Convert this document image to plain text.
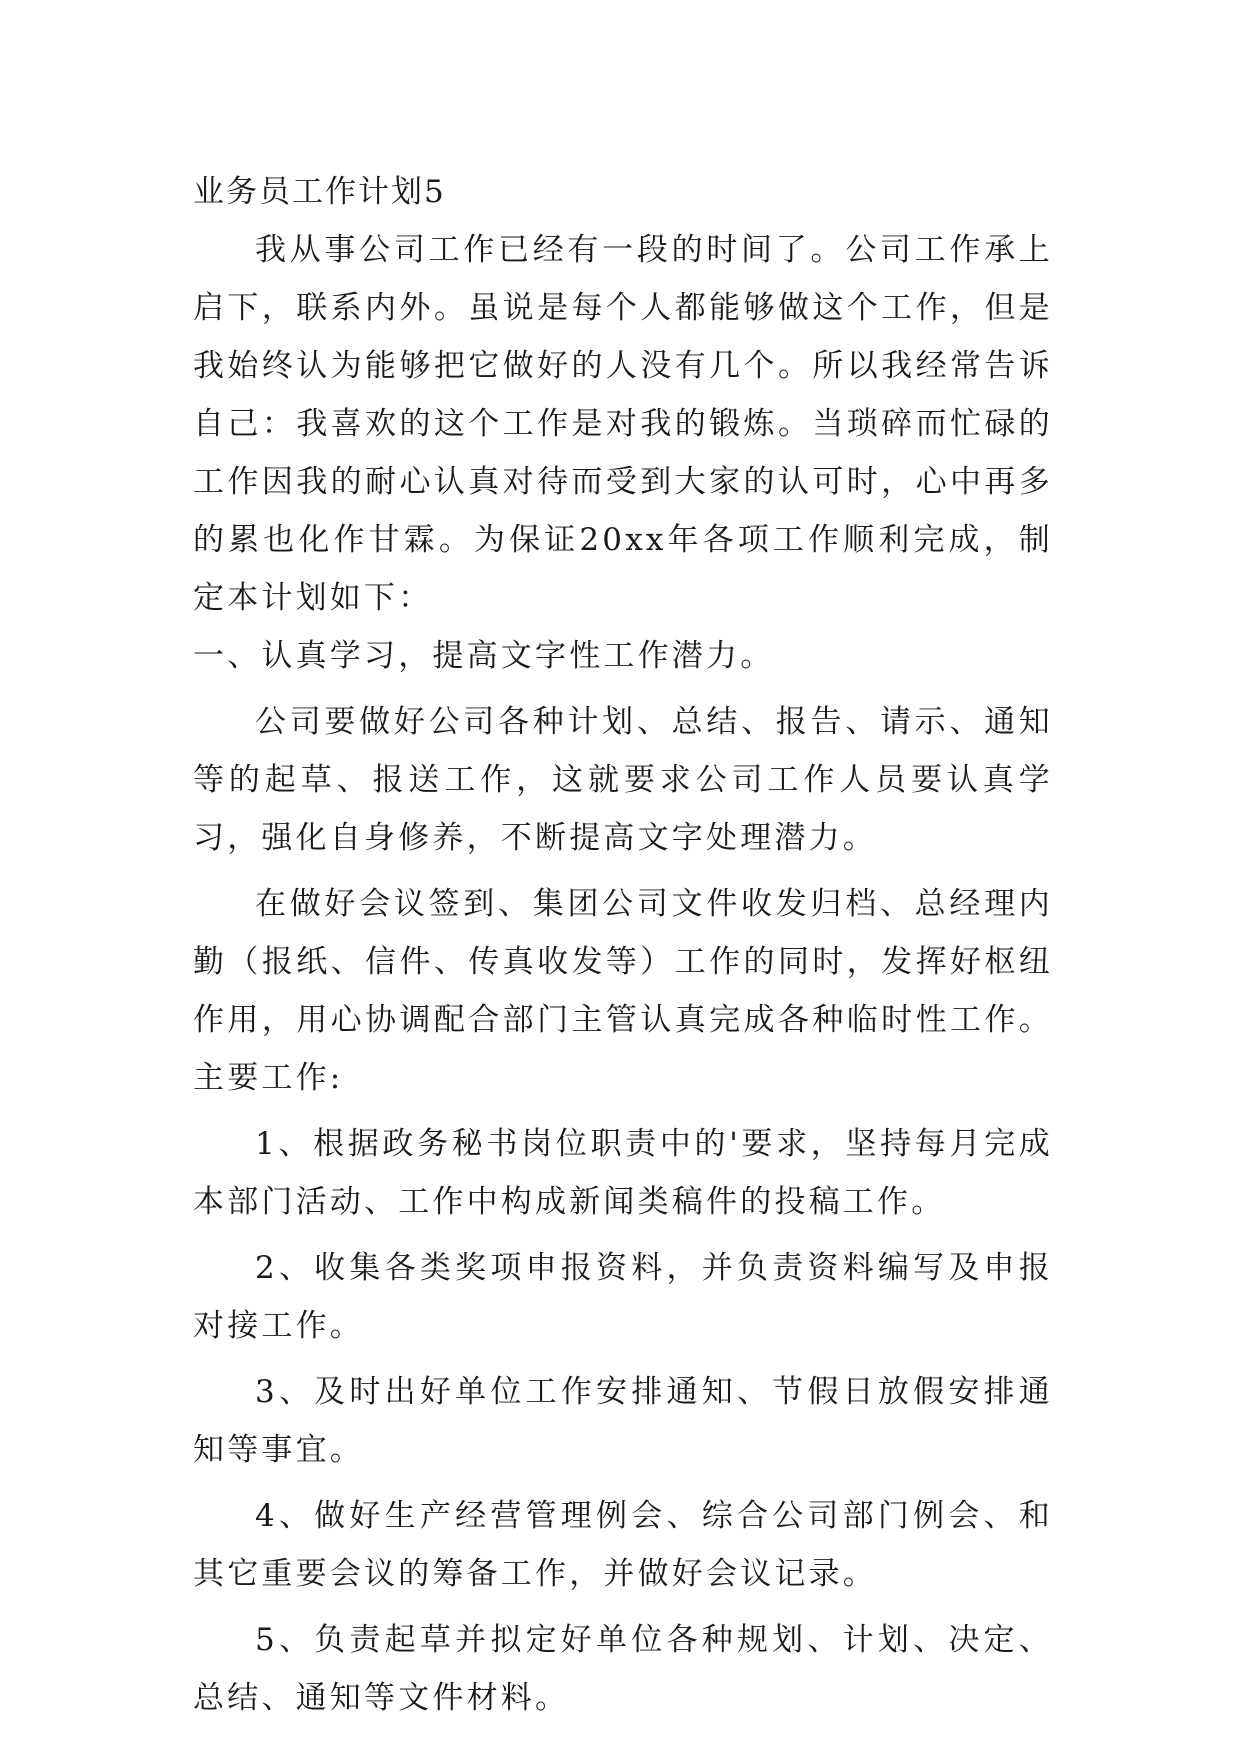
业务员工作计划5

我从事公司工作已经有一段的时间了。公司工作承上启下，联系内外。虽说是每个人都能够做这个工作，但是我始终认为能够把它做好的人没有几个。所以我经常告诉自己：我喜欢的这个工作是对我的锻炼。当琐碎而忙碌的工作因我的耐心认真对待而受到大家的认可时，心中再多的累也化作甘霖。为保证20xx年各项工作顺利完成，制定本计划如下：

一、认真学习，提高文字性工作潜力。

公司要做好公司各种计划、总结、报告、请示、通知等的起草、报送工作，这就要求公司工作人员要认真学习，强化自身修养，不断提高文字处理潜力。

在做好会议签到、集团公司文件收发归档、总经理内勤（报纸、信件、传真收发等）工作的同时，发挥好枢纽作用，用心协调配合部门主管认真完成各种临时性工作。主要工作:

1、根据政务秘书岗位职责中的'要求，坚持每月完成本部门活动、工作中构成新闻类稿件的投稿工作。

2、收集各类奖项申报资料，并负责资料编写及申报对接工作。

3、及时出好单位工作安排通知、节假日放假安排通知等事宜。

4、做好生产经营管理例会、综合公司部门例会、和其它重要会议的筹备工作，并做好会议记录。

5、负责起草并拟定好单位各种规划、计划、决定、总结、通知等文件材料。
